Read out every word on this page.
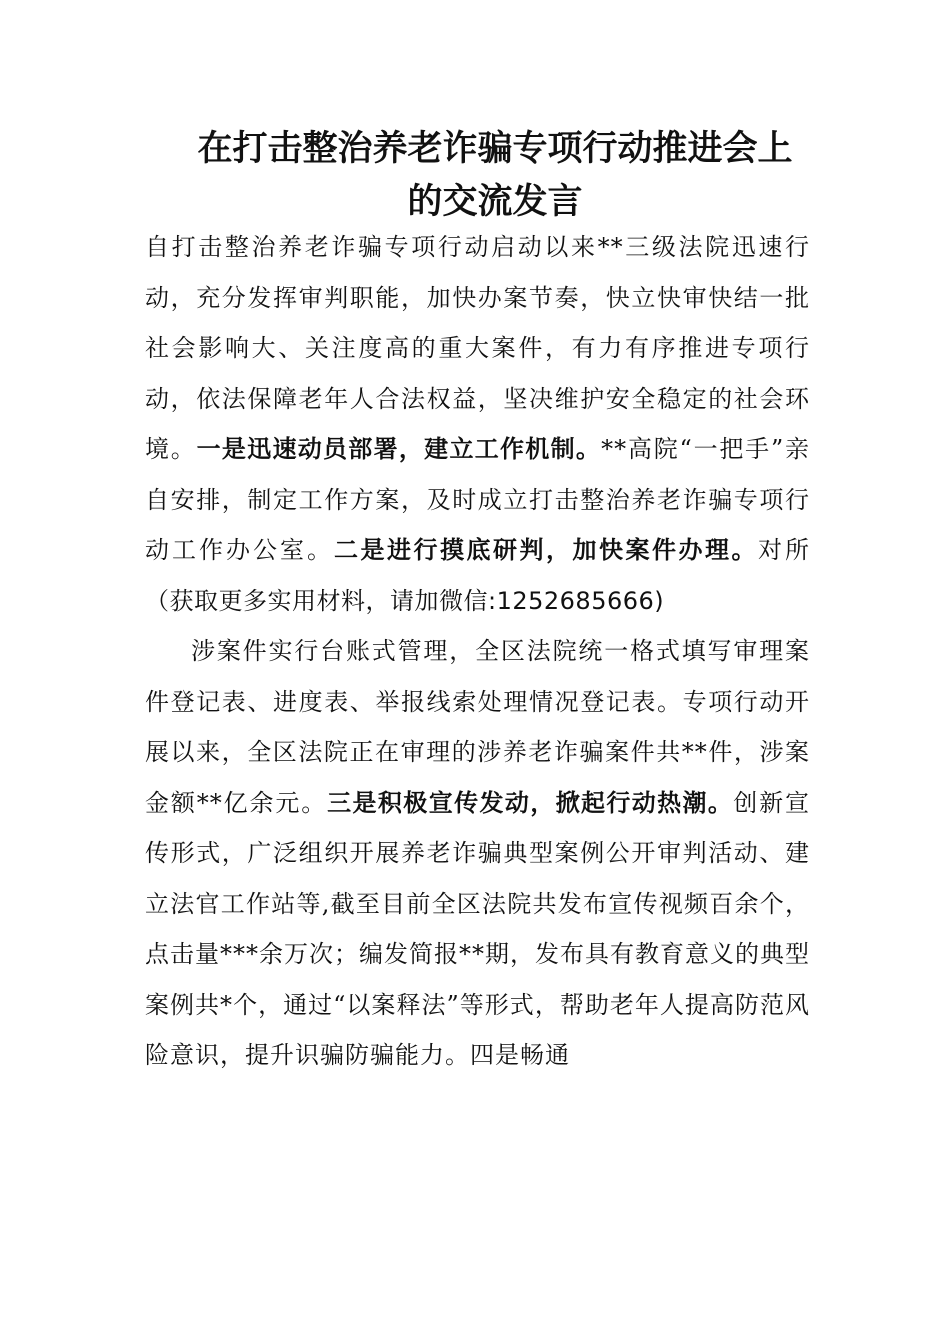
在打击整治养老诈骗专项行动推进会上
的交流发言

自打击整治养老诈骗专项行动启动以来**三级法院迅速行动，充分发挥审判职能，加快办案节奏，快立快审快结一批社会影响大、关注度高的重大案件，有力有序推进专项行动，依法保障老年人合法权益，坚决维护安全稳定的社会环境。一是迅速动员部署，建立工作机制。**高院“一把手”亲自安排，制定工作方案，及时成立打击整治养老诈骗专项行动工作办公室。二是进行摸底研判，加快案件办理。对所（获取更多实用材料，请加微信:1252685666)

涉案件实行台账式管理，全区法院统一格式填写审理案件登记表、进度表、举报线索处理情况登记表。专项行动开展以来，全区法院正在审理的涉养老诈骗案件共**件，涉案金额**亿余元。三是积极宣传发动，掀起行动热潮。创新宣传形式，广泛组织开展养老诈骗典型案例公开审判活动、建立法官工作站等,截至目前全区法院共发布宣传视频百余个，点击量***余万次；编发简报**期，发布具有教育意义的典型案例共*个，通过“以案释法”等形式，帮助老年人提高防范风险意识，提升识骗防骗能力。四是畅通
